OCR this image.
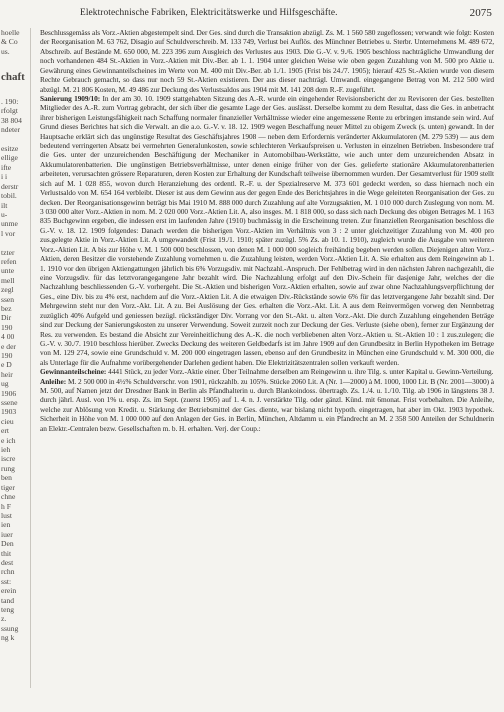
Elektrotechnische Fabriken, Elektricitätswerke und Hilfsgeschäfte.	2075
hoelle
& Co
us.

chaft

. 190:
rfolgt
38 804
ndeter

esitze
ellige
ifte
i i
derstr
tobil.
ilt
u-
unme
l vor

tzter
refen
unte
mell
zegl
ssen
bez
Dir
190
4 00
e der
190
e D
heir
ug
1906
ssene
1903
cieu
ert
e ich
ieh
iscre
rung
ben
tiger
chne
h F
lust
ien
iuer
Den
thit
dest
rchn
sst:
erein
tand
teng
z.
ssung
ng k

Beschlussgemäss als Vorz.-Aktien abgestempelt sind. Der Ges. sind durch die Transaktion abzügl. Zs. M. 1 560 580 zugeflossen; verwandt wie folgt: Kosten der Reorganisation M. 63 762, Disagio auf Schuldverschreib. M. 133 749, Verlust bei Auflös. des Münchner Betriebes u. Sterbr. Unternehmens M. 489 672, Abschreib. auf Bestände M. 650 000, M. 223 396 zum Ausgleich des Verlustes aus 1903. Die G.-V. v. 9./6. 1905 beschloss nachträgliche Umwandlung der noch vorhandenen 484 St.-Aktien in Vorz.-Aktien mit Div.-Ber. ab 1. 1. 1904 unter gleichen Weise wie oben gegen Zuzahlung von M. 500 pro Aktie u. Gewährung eines Gewinnanteilscheines im Werte von M. 400 mit Div.-Ber. ab 1./1. 1905 (Frist bis 24./7. 1905); hierauf 425 St.-Aktien wurde von diesem Rechte Gebrauch gemacht, so dass nur noch 59 St.-Aktien existieren. Der aus dieser nachträgl. Umwandl. eingegangene Betrag von M. 212 500 wird abzügl. M. 21 806 Kosten, M. 49 486 zur Deckung des Verlustsaldos aus 1904 mit M. 141 208 dem R.-F. zugeführt.

Sanierung 1909/10: In der am 30. 10. 1909 stattgehabten Sitzung des A.-R. wurde ein eingehender Revisionsbericht der zu Revisoren der Ges. bestellten Mitglieder des A.-R. zum Vortrag gebracht, der sich über die gesamte Lage der Ges. auslässt. Derselbe kommt zu dem Resultat, dass die Ges. in anbetracht ihrer bisherigen Leistungsfähigkeit nach Schaffung normaler finanzieller Verhältnisse wieder eine angemessene Rente zu erbringen imstande sein wird. Auf Grund dieses Berichtes hat sich die Verwalt. an die a.o. G.-V. v. 18. 12. 1909 wegen Beschaffung neuer Mittel zu obigem Zweck (s. unten) gewandt. In der Hauptsache erklärt sich das ungünstige Resultat des Geschäftsjahres 1908 — neben dem Erfordernis veränderter Akkumulatoren (M. 279 539) — aus dem bedeutend verringerten Absatz bei vermehrten Generalunkosten, sowie schlechteren Verkaufspreisen u. Verlusten in einzelnen Betrieben. Insbesondere traf die Ges. unter der unzureichenden Beschäftigung der Mechaniker in Automobilbau-Werkstätte, wie auch unter dem unzureichenden Absatz in Akkumulatorenbatterien. Die ungünstigen Betriebsverhältnisse, unter denen einige früher von der Ges. gelieferte stationäre Akkumulatorenbatterien arbeiteten, verursachten grössere Reparaturen, deren Kosten zur Erhaltung der Kundschaft teilweise übernommen wurden. Der Gesamtverlust für 1909 stellt sich auf M. 1 028 855, wovon durch Heranziehung des ordentl. R.-F. u. der Spezialreserve M. 373 601 gedeckt werden, so dass hiernach noch ein Verlustsaldo von M. 654 164 verbleibt. Dieser ist aus dem Gewinn aus der gegen Ende des Berichtsjahres in die Wege geleiteten Reorganisation der Ges. zu decken. Der Reorganisationsgewinn beträgt bis Mai 1910 M. 888 000 durch Zuzahlung auf alte Vorzugsaktien, M. 1 010 000 durch Zuslegung von nom. M. 3 030 000 alter Vorz.-Aktien in nom. M. 2 020 000 Vorz.-Aktien Lit. A, also insges. M. 1 818 000, so dass sich nach Deckung des obigen Betrages M. 1 163 835 Buchgewinn ergeben, die indessen erst im laufenden Jahre (1910) buchmässig in die Erscheinung treten. Zur finanziellen Reorganisation beschloss die G.-V. v. 18. 12. 1909 folgendes: Danach werden die bisherigen Vorz.-Aktien im Verhältnis von 3 : 2 unter gleichzeitiger Zuzahlung von M. 400 pro zus.gelegte Aktie in Vorz.-Aktien Lit. A umgewandelt (Frist 19./1. 1910; später zuzügl. 5% Zs. ab 10. 1. 1910), zugleich wurde die Ausgabe von weiteren Vorz.-Aktien Lit. A bis zur Höhe v. M. 1 500 000 beschlossen, von denen M. 1 000 000 sogleich freihändig begeben werden sollen. Diejenigen alten Vorz.-Aktien, deren Besitzer die vorstehende Zuzahlung vornehmen u. die Zuzahlung leisten, werden Vorz.-Aktien Lit. A. Sie erhalten aus dem Reingewinn ab 1. 1. 1910 vor den übrigen Aktiengattungen jährlich bis 6% Vorzugsdiv. mit Nachzahl.-Anspruch. Der Fehlbetrag wird in den nächsten Jahren nachgezahlt, die eine Vorzugsdiv. für das letztvorangegangene Jahr bezahlt wird. Die Nachzahlung erfolgt auf den Div.-Schein für dasjenige Jahr, welches der die Nachzahlung beschliessenden G.-V. vorhergeht. Die St.-Aktien und bisherigen Vorz.-Aktien erhalten, sowie auf zwar ohne Nachzahlungsverpflichtung der Ges., eine Div. bis zu 4% erst, nachdem auf die Vorz.-Aktien Lit. A die etwaigen Div.-Rückstände sowie 6% für das letztvergangene Jahr bezahlt sind. Der Mehrgewinn steht nur den Vorz.-Akt. Lit. A zu. Bei Auslösung der Ges. erhalten die Vorz.-Akt. Lit. A aus dem Reinvermögen vorweg den Nennbetrag zuzüglich 40% Aufgeld und geniessen bezügl. rückständiger Div. Vorrang vor den St.-Akt. u. alten Vorz.-Akt. Die durch Zuzahlung eingehenden Beträge sind zur Deckung der Sanierungskosten zu unserer Verwendung. Soweit zurzeit noch zur Deckung der Ges. Verluste (siehe oben), ferner zur Ergänzung der Res. zu verwenden. Es bestand die Absicht zur Vereinheitlichung des A.-K. die noch verbliebenen alten Vorz.-Aktien u. St.-Aktien 10 : 1 zus.zulegen; die G.-V. v. 30./7. 1910 beschloss hierüber. Zwecks Deckung des weiteren Geldbedarfs ist im Jahre 1909 auf den Grundbesitz in Berlin Hypotheken im Betrage von M. 129 274, sowie eine Grundschuld v. M. 200 000 eingetragen lassen, ebenso auf den Grundbesitz in München eine Grundschuld v. M. 300 000, die als Unterlage für die Aufnahme vorübergehender Darlehen gedient haben. Die Elektrizitätszentralen sollen verkauft werden.

Gewinnanteilscheine: 4441 Stück, zu jeder Vorz.-Aktie einer. Über Teilnahme derselben am Reingewinn u. ihre Tilg. s. unter Kapital u. Gewinn-Verteilung.

Anleihe: M. 2 500 000 in 4½% Schuldverschr. von 1901, rückzahlb. zu 105%. Stücke 2060 Lit. A (Nr. 1—2000) à M. 1000, 1000 Lit. B (Nr. 2001—3000) à M. 500, auf Namen jetzt der Dresdner Bank in Berlin als Pfandhalterin u. durch Blankoindoss. übertragb. Zs. 1./4. u. 1./10. Tilg. ab 1906 in längstens 38 J. durch jährl. Ausl. von 1% u. ersp. Zs. im Sept. (zuerst 1905) auf 1. 4. n. J. verstärkte Tilg. oder gänzl. Künd. mit 6monat. Frist vorbehalten. Die Anleihe, welche zur Ablösung von Kredit. u. Stärkung der Betriebsmittel der Ges. diente, war bislang nicht hypoth. eingetragen, hat aber im Okt. 1903 hypothek. Sicherheit in Höhe von M. 1 000 000 auf den Anlagen der Ges. in Berlin, München, Altdamm u. ein Pfandrecht an M. 2 358 500 Anteilen der Schuldnerin an Elektr.-Centralen bezw. Gesellschaften m. b. H. erhalten. Verj. der Coup.:
